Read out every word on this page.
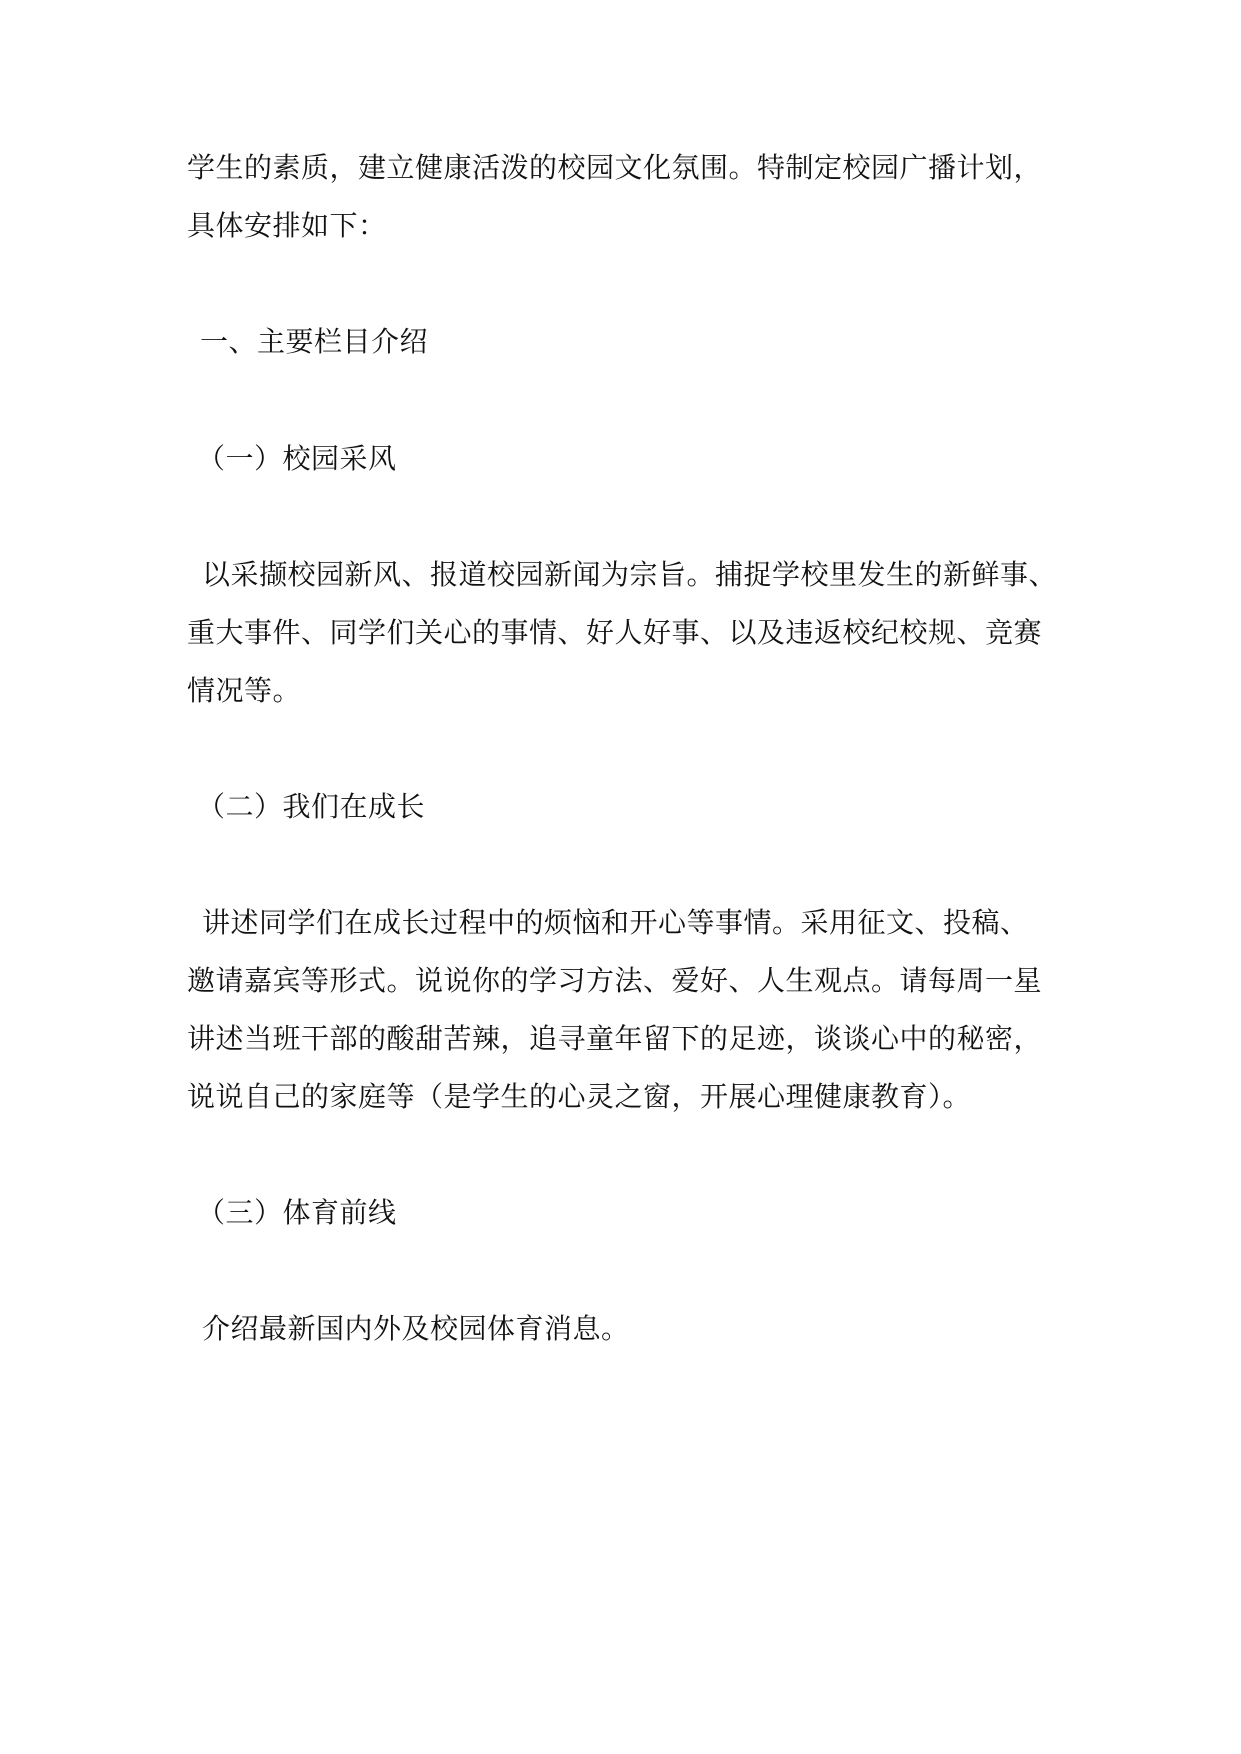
学生的素质，建立健康活泼的校园文化氛围。特制定校园广播计划，
具体安排如下：
一、主要栏目介绍
（一）校园采风
以采撷校园新风、报道校园新闻为宗旨。捕捉学校里发生的新鲜事、
重大事件、同学们关心的事情、好人好事、以及违返校纪校规、竞赛
情况等。
（二）我们在成长
讲述同学们在成长过程中的烦恼和开心等事情。采用征文、投稿、
邀请嘉宾等形式。说说你的学习方法、爱好、人生观点。请每周一星
讲述当班干部的酸甜苦辣，追寻童年留下的足迹，谈谈心中的秘密，
说说自己的家庭等（是学生的心灵之窗，开展心理健康教育）。
（三）体育前线
介绍最新国内外及校园体育消息。
